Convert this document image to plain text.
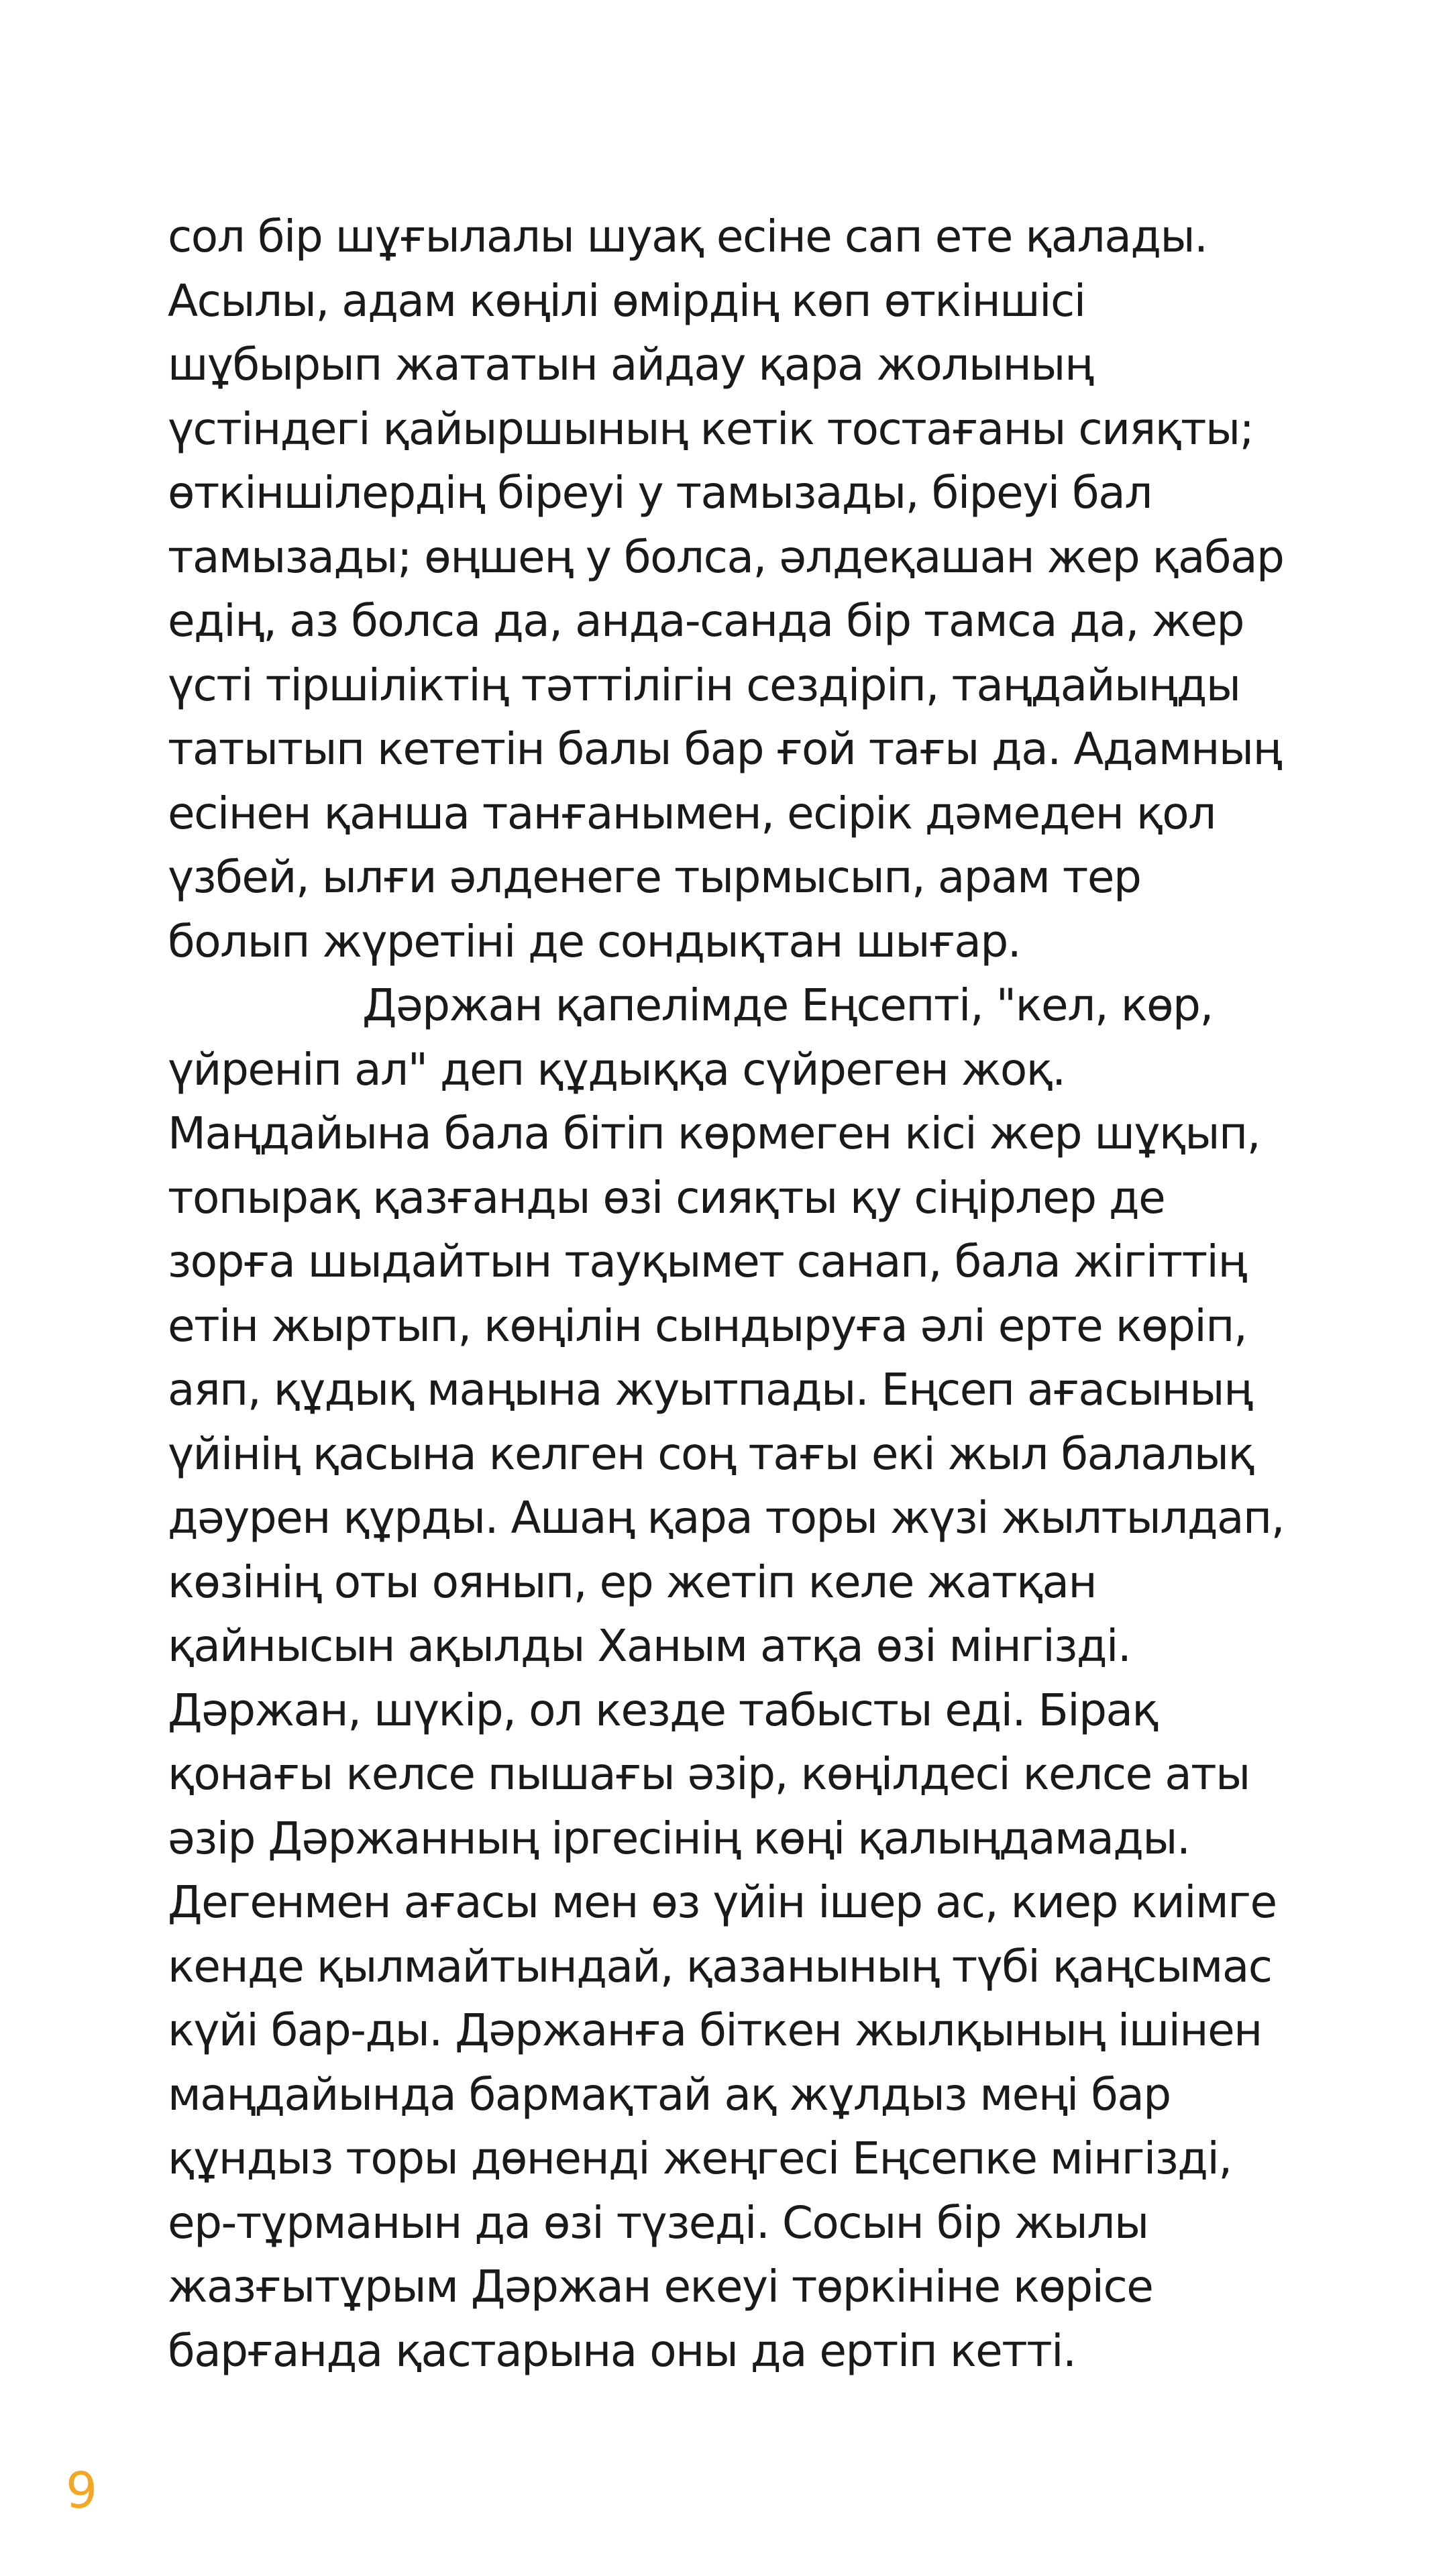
сол бір шұғылалы шуақ есіне сап ете қалады.
Асылы, адам көңілі өмірдің көп өткіншісі
шұбырып жататын айдау қара жолының
үстіндегі қайыршының кетік тостағаны сияқты;
өткіншілердің біреуі у тамызады, біреуі бал
тамызады; өңшең у болса, әлдеқашан жер қабар
едің, аз болса да, анда-санда бір тамса да, жер
үсті тіршіліктің тәттілігін сездіріп, таңдайыңды
татытып кететін балы бар ғой тағы да. Адамның
есінен қанша танғанымен, есірік дәмеден қол
үзбей, ылғи әлденеге тырмысып, арам тер
болып жүретіні де сондықтан шығар.
Дәржан қапелімде Еңсепті, "кел, көр,
үйреніп ал" деп құдыққа сүйреген жоқ.
Маңдайына бала бітіп көрмеген кісі жер шұқып,
топырақ қазғанды өзі сияқты қу сіңірлер де
зорға шыдайтын тауқымет санап, бала жігіттің
етін жыртып, көңілін сындыруға әлі ерте көріп,
аяп, құдық маңына жуытпады. Еңсеп ағасының
үйінің қасына келген соң тағы екі жыл балалық
дәурен құрды. Ашаң қара торы жүзі жылтылдап,
көзінің оты оянып, ер жетіп келе жатқан
қайнысын ақылды Ханым атқа өзі мінгізді.
Дәржан, шүкір, ол кезде табысты еді. Бірақ
қонағы келсе пышағы әзір, көңілдесі келсе аты
әзір Дәржанның іргесінің көңі қалыңдамады.
Дегенмен ағасы мен өз үйін ішер ас, киер киімге
кенде қылмайтындай, қазанының түбі қаңсымас
күйі бар-ды. Дәржанға біткен жылқының ішінен
маңдайында бармақтай ақ жұлдыз меңі бар
құндыз торы дөненді жеңгесі Еңсепке мінгізді,
ер-тұрманын да өзі түзеді. Сосын бір жылы
жазғытұрым Дәржан екеуі төркініне көрісе
барғанда қастарына оны да ертіп кетті.
9
